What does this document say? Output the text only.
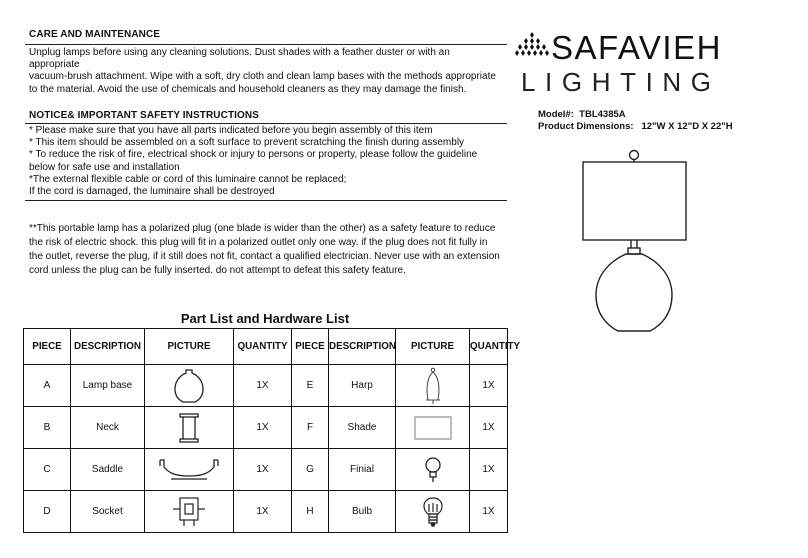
CARE AND MAINTENANCE
Unplug lamps before using any cleaning solutions. Dust shades with a feather duster or with an
appropriate
vacuum-brush attachment. Wipe with a soft, dry cloth and clean lamp bases with the methods appropriate
to the material. Avoid the use of chemicals and household cleaners as they may damage the finish.
NOTICE& IMPORTANT SAFETY INSTRUCTIONS
* Please make sure that you have all parts indicated before you begin assembly of this item
* This item should be assembled on a soft surface to prevent scratching the finish during assembly
* To reduce the risk of fire, electrical shock or injury to persons or property, please follow the guideline
below for safe use and installation
*The external flexible cable or cord of this luminaire cannot be replaced;
If the cord is damaged, the luminaire shall be destroyed
**This portable lamp has a polarized plug (one blade is wider than the other) as a safety feature to reduce
the risk of electric shock. this plug will fit in a polarized outlet only one way. if the plug does not fit fully in
the outlet, reverse the plug, if it still does not fit, contact a qualified electrician. Never use with an extension
cord unless the plug can be fully inserted. do not attempt to defeat this safety feature.
SAFAVIEH
LIGHTING
Model#: TBL4385A
Product Dimensions: 12"W X 12"D X 22"H
Part List and Hardware List
PIECE	DESCRIPTION	PICTURE	QUANTITY	PIECE	DESCRIPTION	PICTURE	QUANTITY
A	Lamp base		1X	E	Harp		1X
B	Neck		1X	F	Shade		1X
C	Saddle		1X	G	Finial		1X
D	Socket		1X	H	Bulb		1X
